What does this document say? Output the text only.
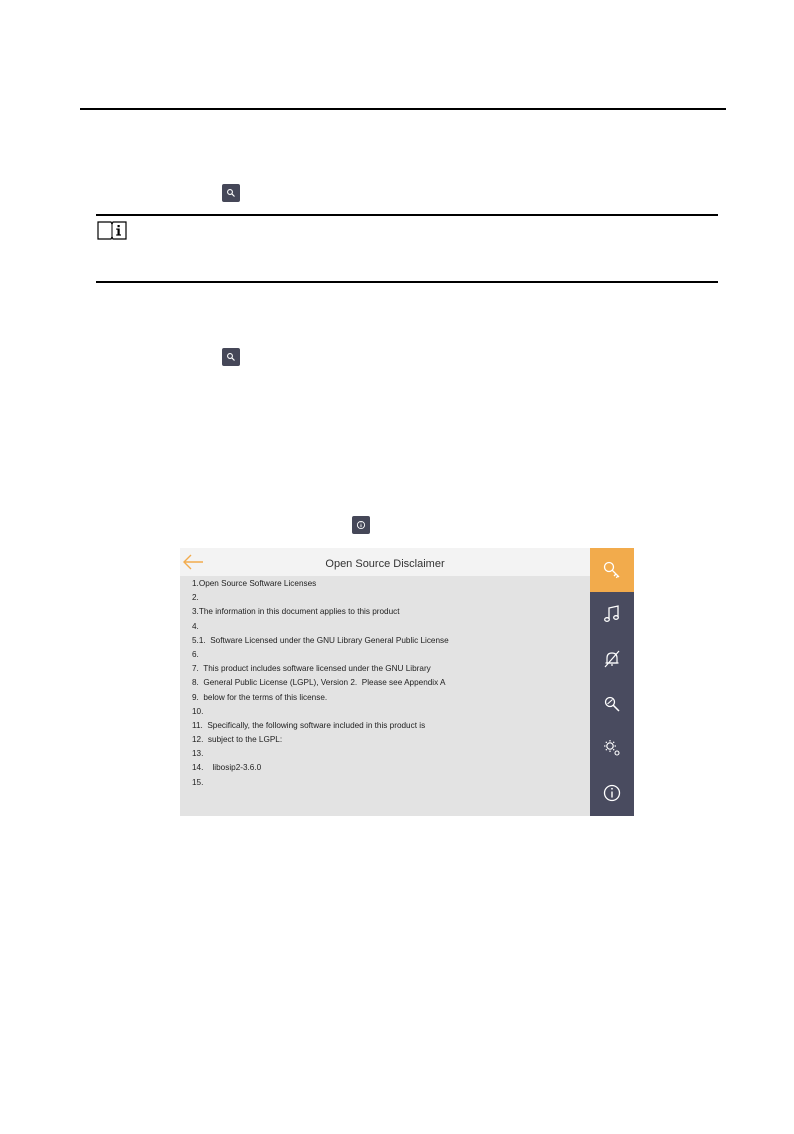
Open Source Disclaimer
1.Open Source Software Licenses
2.
3.The information in this document applies to this product
4.
5.1.  Software Licensed under the GNU Library General Public License
6.
7.  This product includes software licensed under the GNU Library
8.  General Public License (LGPL), Version 2.  Please see Appendix A
9.  below for the terms of this license.
10.
11.  Specifically, the following software included in this product is
12.  subject to the LGPL:
13.
14.    libosip2-3.6.0
15.
